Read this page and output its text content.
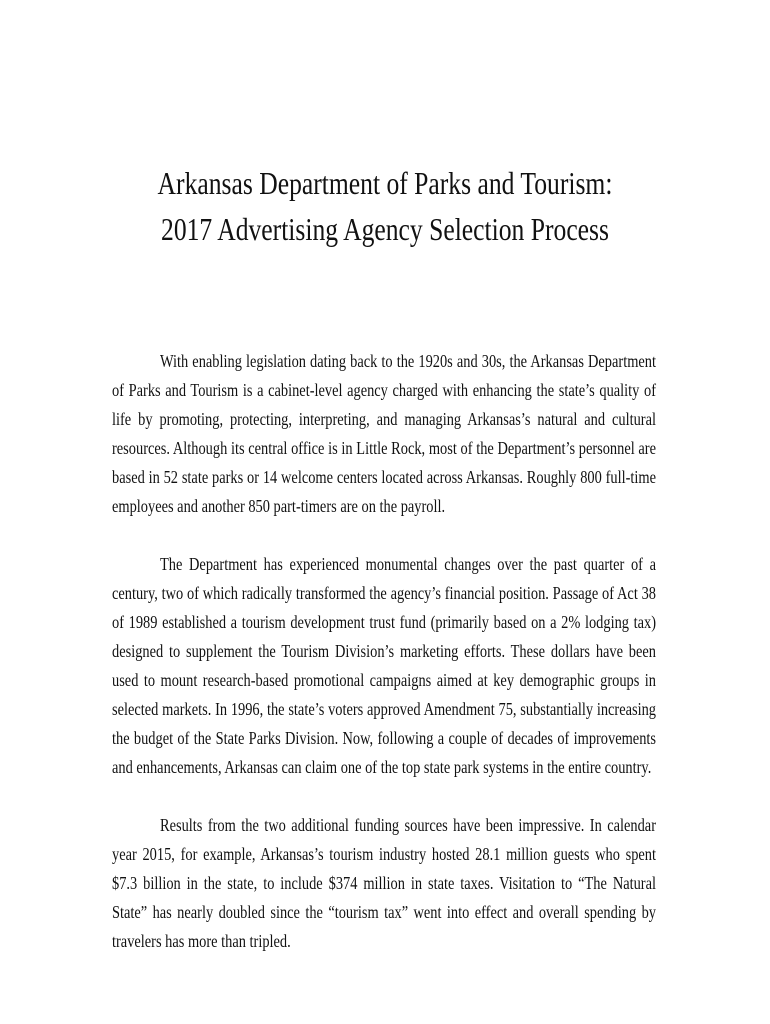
Arkansas Department of Parks and Tourism:
2017 Advertising Agency Selection Process

With enabling legislation dating back to the 1920s and 30s, the Arkansas Department of Parks and Tourism is a cabinet-level agency charged with enhancing the state’s quality of life by promoting, protecting, interpreting, and managing Arkansas’s natural and cultural resources. Although its central office is in Little Rock, most of the Department’s personnel are based in 52 state parks or 14 welcome centers located across Arkansas. Roughly 800 full-time employees and another 850 part-timers are on the payroll.

The Department has experienced monumental changes over the past quarter of a century, two of which radically transformed the agency’s financial position. Passage of Act 38 of 1989 established a tourism development trust fund (primarily based on a 2% lodging tax) designed to supplement the Tourism Division’s marketing efforts. These dollars have been used to mount research-based promotional campaigns aimed at key demographic groups in selected markets. In 1996, the state’s voters approved Amendment 75, substantially increasing the budget of the State Parks Division. Now, following a couple of decades of improvements and enhancements, Arkansas can claim one of the top state park systems in the entire country.

Results from the two additional funding sources have been impressive. In calendar year 2015, for example, Arkansas’s tourism industry hosted 28.1 million guests who spent $7.3 billion in the state, to include $374 million in state taxes. Visitation to “The Natural State” has nearly doubled since the “tourism tax” went into effect and overall spending by travelers has more than tripled.
